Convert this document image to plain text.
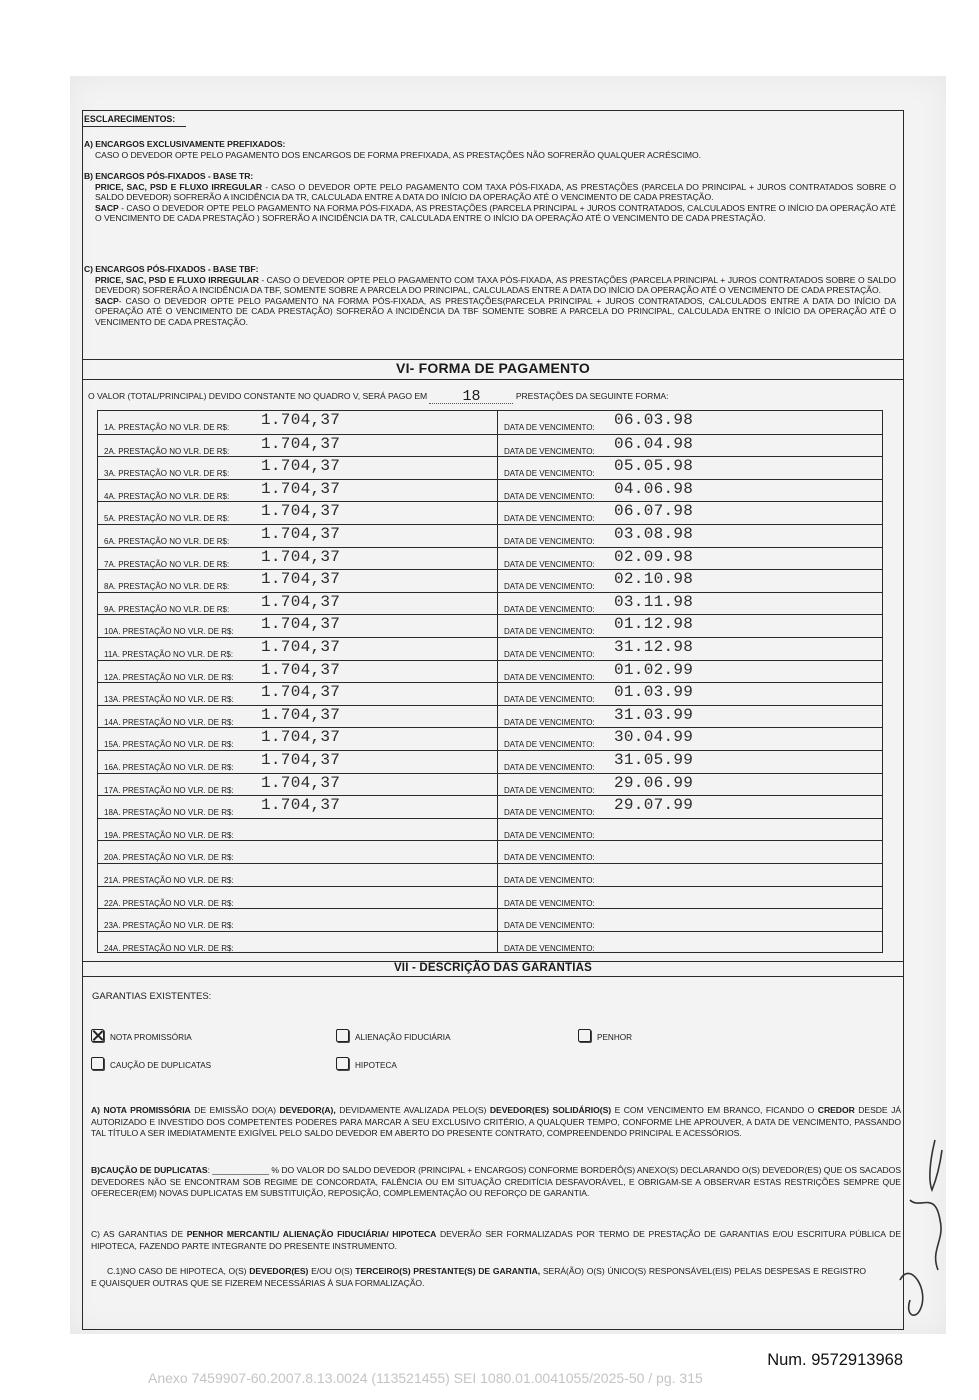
ESCLARECIMENTOS:
A) ENCARGOS EXCLUSIVAMENTE PREFIXADOS:
CASO O DEVEDOR OPTE PELO PAGAMENTO DOS ENCARGOS DE FORMA PREFIXADA, AS PRESTAÇÕES NÃO SOFRERÃO QUALQUER ACRÉSCIMO.
B) ENCARGOS PÓS-FIXADOS - BASE TR:
PRICE, SAC, PSD E FLUXO IRREGULAR - CASO O DEVEDOR OPTE PELO PAGAMENTO COM TAXA PÓS-FIXADA, AS PRESTAÇÕES (PARCELA DO PRINCIPAL + JUROS CONTRATADOS SOBRE O SALDO DEVEDOR) SOFRERÃO A INCIDÊNCIA DA TR, CALCULADA ENTRE A DATA DO INÍCIO DA OPERAÇÃO ATÉ O VENCIMENTO DE CADA PRESTAÇÃO.
SACP - CASO O DEVEDOR OPTE PELO PAGAMENTO NA FORMA PÓS-FIXADA, AS PRESTAÇÕES (PARCELA PRINCIPAL + JUROS CONTRATADOS, CALCULADOS ENTRE O INÍCIO DA OPERAÇÃO ATÉ O VENCIMENTO DE CADA PRESTAÇÃO ) SOFRERÃO A INCIDÊNCIA DA TR, CALCULADA ENTRE O INÍCIO DA OPERAÇÃO ATÉ O VENCIMENTO DE CADA PRESTAÇÃO.
C) ENCARGOS PÓS-FIXADOS - BASE TBF:
PRICE, SAC, PSD E FLUXO IRREGULAR - CASO O DEVEDOR OPTE PELO PAGAMENTO COM TAXA PÓS-FIXADA, AS PRESTAÇÕES (PARCELA PRINCIPAL + JUROS CONTRATADOS SOBRE O SALDO DEVEDOR) SOFRERÃO A INCIDÊNCIA DA TBF, SOMENTE SOBRE A PARCELA DO PRINCIPAL, CALCULADAS ENTRE A DATA DO INÍCIO DA OPERAÇÃO ATÉ O VENCIMENTO DE CADA PRESTAÇÃO.
SACP- CASO O DEVEDOR OPTE PELO PAGAMENTO NA FORMA PÓS-FIXADA, AS PRESTAÇÕES(PARCELA PRINCIPAL + JUROS CONTRATADOS, CALCULADOS ENTRE A DATA DO INÍCIO DA OPERAÇÃO ATÉ O VENCIMENTO DE CADA PRESTAÇÃO) SOFRERÃO A INCIDÊNCIA DA TBF SOMENTE SOBRE A PARCELA DO PRINCIPAL, CALCULADA ENTRE O INÍCIO DA OPERAÇÃO ATÉ O VENCIMENTO DE CADA PRESTAÇÃO.
VI- FORMA DE PAGAMENTO
O VALOR (TOTAL/PRINCIPAL) DEVIDO CONSTANTE NO QUADRO V, SERÁ PAGO EM 18	PRESTAÇÕES DA SEGUINTE FORMA:
1A. PRESTAÇÃO NO VLR. DE R$: 1.704,37	DATA DE VENCIMENTO: 06.03.98
2A. PRESTAÇÃO NO VLR. DE R$: 1.704,37	DATA DE VENCIMENTO: 06.04.98
3A. PRESTAÇÃO NO VLR. DE R$: 1.704,37	DATA DE VENCIMENTO: 05.05.98
4A. PRESTAÇÃO NO VLR. DE R$: 1.704,37	DATA DE VENCIMENTO: 04.06.98
5A. PRESTAÇÃO NO VLR. DE R$: 1.704,37	DATA DE VENCIMENTO: 06.07.98
6A. PRESTAÇÃO NO VLR. DE R$: 1.704,37	DATA DE VENCIMENTO: 03.08.98
7A. PRESTAÇÃO NO VLR. DE R$: 1.704,37	DATA DE VENCIMENTO: 02.09.98
8A. PRESTAÇÃO NO VLR. DE R$: 1.704,37	DATA DE VENCIMENTO: 02.10.98
9A. PRESTAÇÃO NO VLR. DE R$: 1.704,37	DATA DE VENCIMENTO: 03.11.98
10A. PRESTAÇÃO NO VLR. DE R$: 1.704,37	DATA DE VENCIMENTO: 01.12.98
11A. PRESTAÇÃO NO VLR. DE R$: 1.704,37	DATA DE VENCIMENTO: 31.12.98
12A. PRESTAÇÃO NO VLR. DE R$: 1.704,37	DATA DE VENCIMENTO: 01.02.99
13A. PRESTAÇÃO NO VLR. DE R$: 1.704,37	DATA DE VENCIMENTO: 01.03.99
14A. PRESTAÇÃO NO VLR. DE R$: 1.704,37	DATA DE VENCIMENTO: 31.03.99
15A. PRESTAÇÃO NO VLR. DE R$: 1.704,37	DATA DE VENCIMENTO: 30.04.99
16A. PRESTAÇÃO NO VLR. DE R$: 1.704,37	DATA DE VENCIMENTO: 31.05.99
17A. PRESTAÇÃO NO VLR. DE R$: 1.704,37	DATA DE VENCIMENTO: 29.06.99
18A. PRESTAÇÃO NO VLR. DE R$: 1.704,37	DATA DE VENCIMENTO: 29.07.99
19A. PRESTAÇÃO NO VLR. DE R$:	DATA DE VENCIMENTO:
20A. PRESTAÇÃO NO VLR. DE R$:	DATA DE VENCIMENTO:
21A. PRESTAÇÃO NO VLR. DE R$:	DATA DE VENCIMENTO:
22A. PRESTAÇÃO NO VLR. DE R$:	DATA DE VENCIMENTO:
23A. PRESTAÇÃO NO VLR. DE R$:	DATA DE VENCIMENTO:
24A. PRESTAÇÃO NO VLR. DE R$:	DATA DE VENCIMENTO:
VII - DESCRIÇÃO DAS GARANTIAS
GARANTIAS EXISTENTES:
NOTA PROMISSÓRIA	ALIENAÇÃO FIDUCIÁRIA	PENHOR
CAUÇÃO DE DUPLICATAS	HIPOTECA
A) NOTA PROMISSÓRIA DE EMISSÃO DO(A) DEVEDOR(A), DEVIDAMENTE AVALIZADA PELO(S) DEVEDOR(ES) SOLIDÁRIO(S) E COM VENCIMENTO EM BRANCO, FICANDO O CREDOR DESDE JÁ AUTORIZADO E INVESTIDO DOS COMPETENTES PODERES PARA MARCAR A SEU EXCLUSIVO CRITÉRIO, A QUALQUER TEMPO, CONFORME LHE APROUVER, A DATA DE VENCIMENTO, PASSANDO TAL TÍTULO A SER IMEDIATAMENTE EXIGÍVEL PELO SALDO DEVEDOR EM ABERTO DO PRESENTE CONTRATO, COMPREENDENDO PRINCIPAL E ACESSÓRIOS.
B)CAUÇÃO DE DUPLICATAS: ____________ % DO VALOR DO SALDO DEVEDOR (PRINCIPAL + ENCARGOS) CONFORME BORDERÔ(S) ANEXO(S) DECLARANDO O(S) DEVEDOR(ES) QUE OS SACADOS DEVEDORES NÃO SE ENCONTRAM SOB REGIME DE CONCORDATA, FALÊNCIA OU EM SITUAÇÃO CREDITÍCIA DESFAVORÁVEL, E OBRIGAM-SE A OBSERVAR ESTAS RESTRIÇÕES SEMPRE QUE OFERECER(EM) NOVAS DUPLICATAS EM SUBSTITUIÇÃO, REPOSIÇÃO, COMPLEMENTAÇÃO OU REFORÇO DE GARANTIA.
C) AS GARANTIAS DE PENHOR MERCANTIL/ ALIENAÇÃO FIDUCIÁRIA/ HIPOTECA DEVERÃO SER FORMALIZADAS POR TERMO DE PRESTAÇÃO DE GARANTIAS E/OU ESCRITURA PÚBLICA DE HIPOTECA, FAZENDO PARTE INTEGRANTE DO PRESENTE INSTRUMENTO.
C.1)NO CASO DE HIPOTECA, O(S) DEVEDOR(ES) E/OU O(S) TERCEIRO(S) PRESTANTE(S) DE GARANTIA, SERÁ(ÃO) O(S) ÚNICO(S) RESPONSÁVEL(EIS) PELAS DESPESAS E REGISTRO E QUAISQUER OUTRAS QUE SE FIZEREM NECESSÁRIAS À SUA FORMALIZAÇÃO.
Num. 9572913968
Anexo 7459907-60.2007.8.13.0024 (113521455) SEI 1080.01.0041055/2025-50 / pg. 315
